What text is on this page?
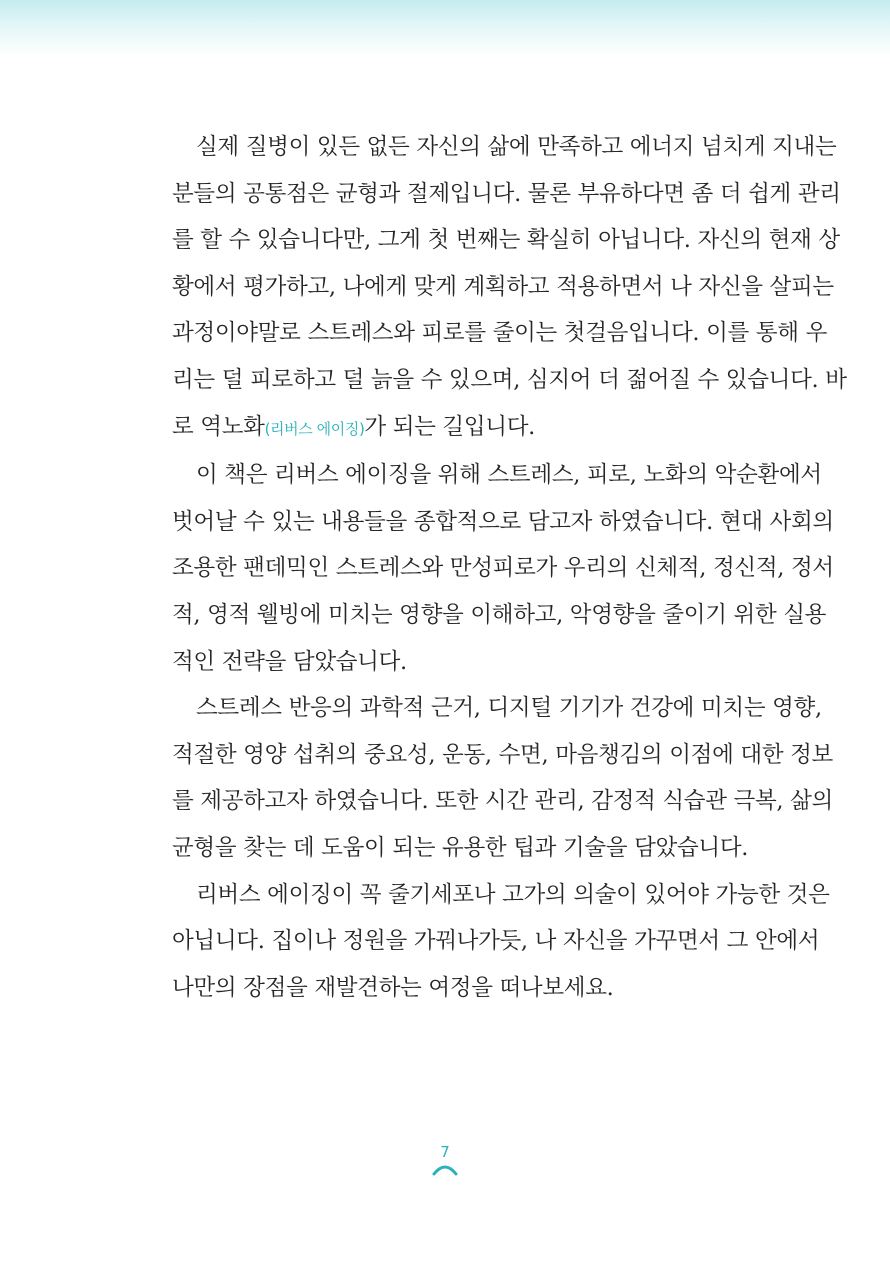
실제 질병이 있든 없든 자신의 삶에 만족하고 에너지 넘치게 지내는
분들의 공통점은 균형과 절제입니다. 물론 부유하다면 좀 더 쉽게 관리
를 할 수 있습니다만, 그게 첫 번째는 확실히 아닙니다. 자신의 현재 상
황에서 평가하고, 나에게 맞게 계획하고 적용하면서 나 자신을 살피는
과정이야말로 스트레스와 피로를 줄이는 첫걸음입니다. 이를 통해 우
리는 덜 피로하고 덜 늙을 수 있으며, 심지어 더 젊어질 수 있습니다. 바
로 역노화(리버스 에이징)가 되는 길입니다.
이 책은 리버스 에이징을 위해 스트레스, 피로, 노화의 악순환에서
벗어날 수 있는 내용들을 종합적으로 담고자 하였습니다. 현대 사회의
조용한 팬데믹인 스트레스와 만성피로가 우리의 신체적, 정신적, 정서
적, 영적 웰빙에 미치는 영향을 이해하고, 악영향을 줄이기 위한 실용
적인 전략을 담았습니다.
스트레스 반응의 과학적 근거, 디지털 기기가 건강에 미치는 영향,
적절한 영양 섭취의 중요성, 운동, 수면, 마음챙김의 이점에 대한 정보
를 제공하고자 하였습니다. 또한 시간 관리, 감정적 식습관 극복, 삶의
균형을 찾는 데 도움이 되는 유용한 팁과 기술을 담았습니다.
리버스 에이징이 꼭 줄기세포나 고가의 의술이 있어야 가능한 것은
아닙니다. 집이나 정원을 가꿔나가듯, 나 자신을 가꾸면서 그 안에서
나만의 장점을 재발견하는 여정을 떠나보세요.
7
